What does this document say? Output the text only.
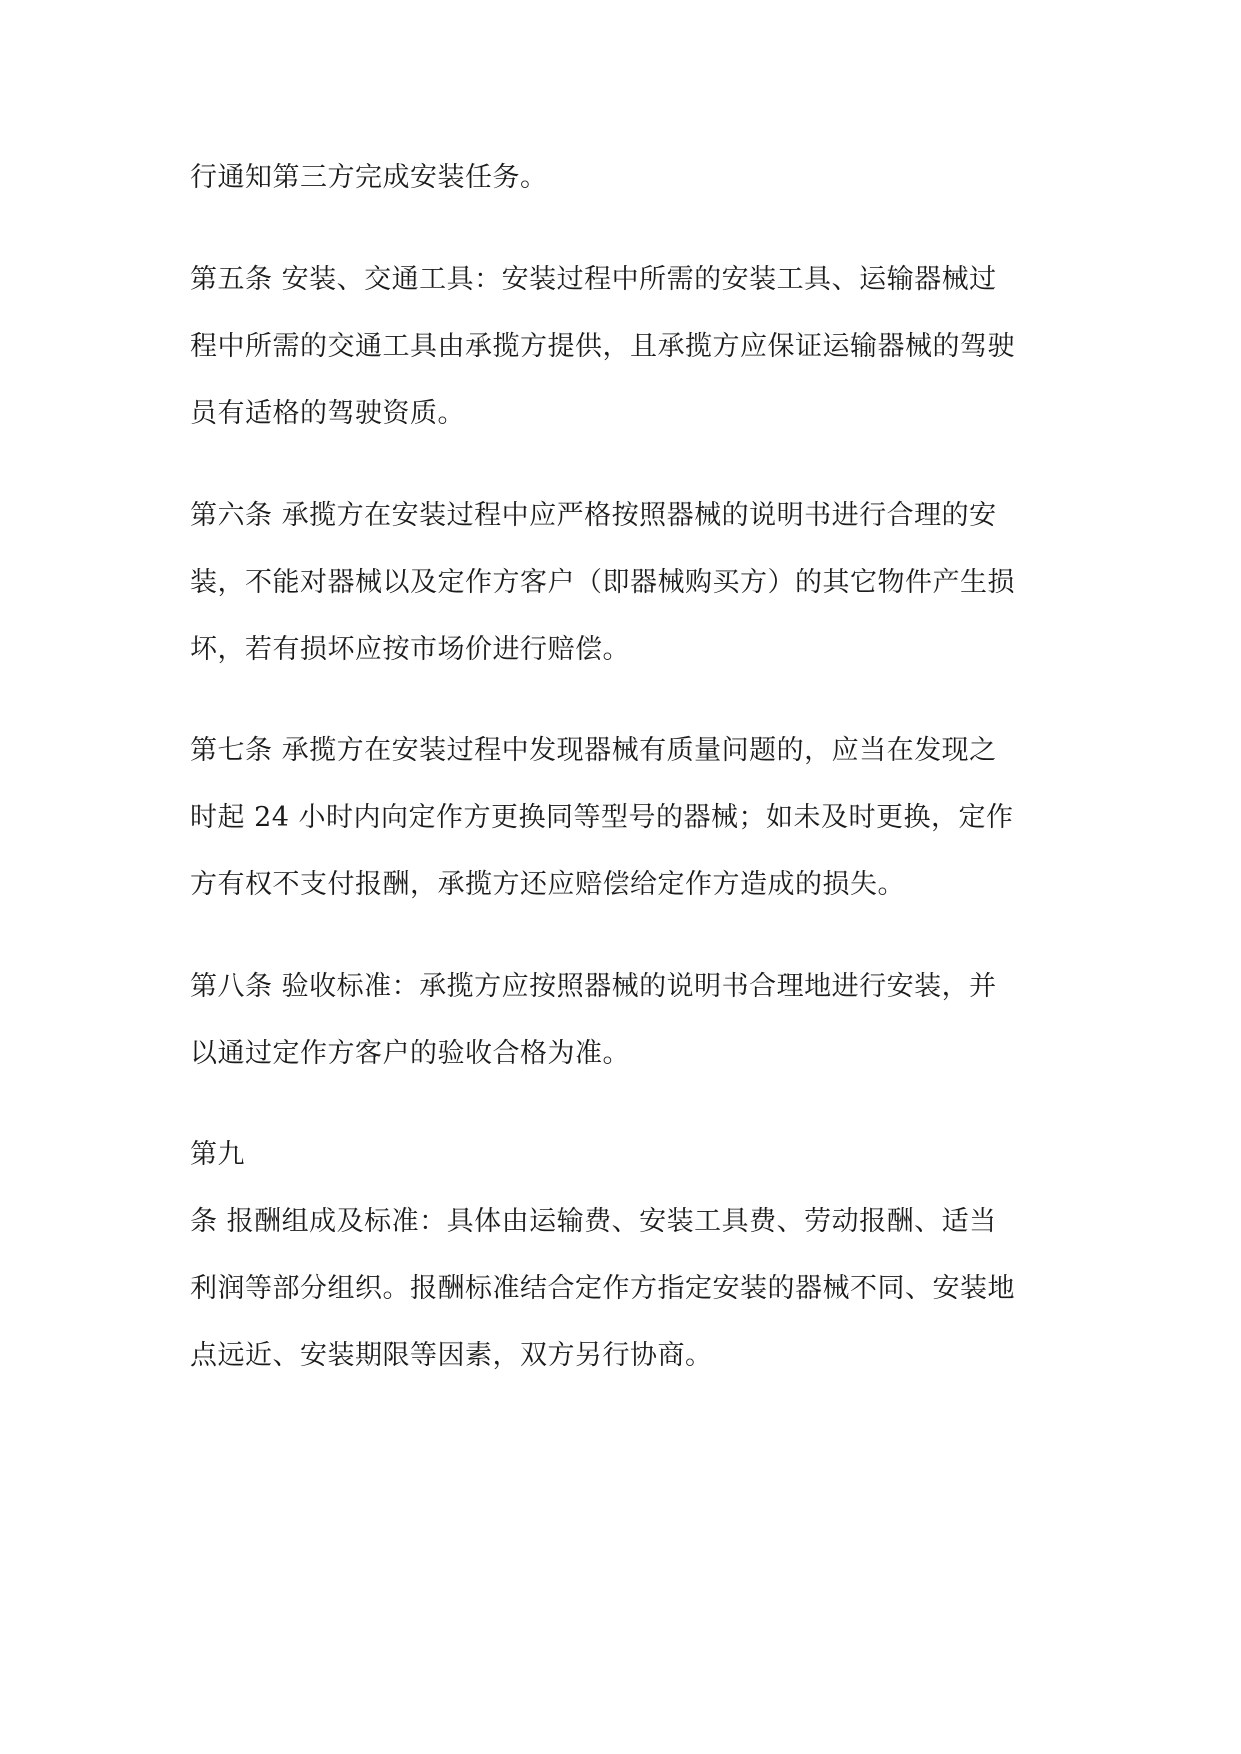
行通知第三方完成安装任务。
第五条 安装、交通工具：安装过程中所需的安装工具、运输器械过
程中所需的交通工具由承揽方提供，且承揽方应保证运输器械的驾驶
员有适格的驾驶资质。
第六条 承揽方在安装过程中应严格按照器械的说明书进行合理的安
装，不能对器械以及定作方客户（即器械购买方）的其它物件产生损
坏，若有损坏应按市场价进行赔偿。
第七条 承揽方在安装过程中发现器械有质量问题的，应当在发现之
时起 24 小时内向定作方更换同等型号的器械；如未及时更换，定作
方有权不支付报酬，承揽方还应赔偿给定作方造成的损失。
第八条 验收标准：承揽方应按照器械的说明书合理地进行安装，并
以通过定作方客户的验收合格为准。
第九
条 报酬组成及标准：具体由运输费、安装工具费、劳动报酬、适当
利润等部分组织。报酬标准结合定作方指定安装的器械不同、安装地
点远近、安装期限等因素，双方另行协商。
